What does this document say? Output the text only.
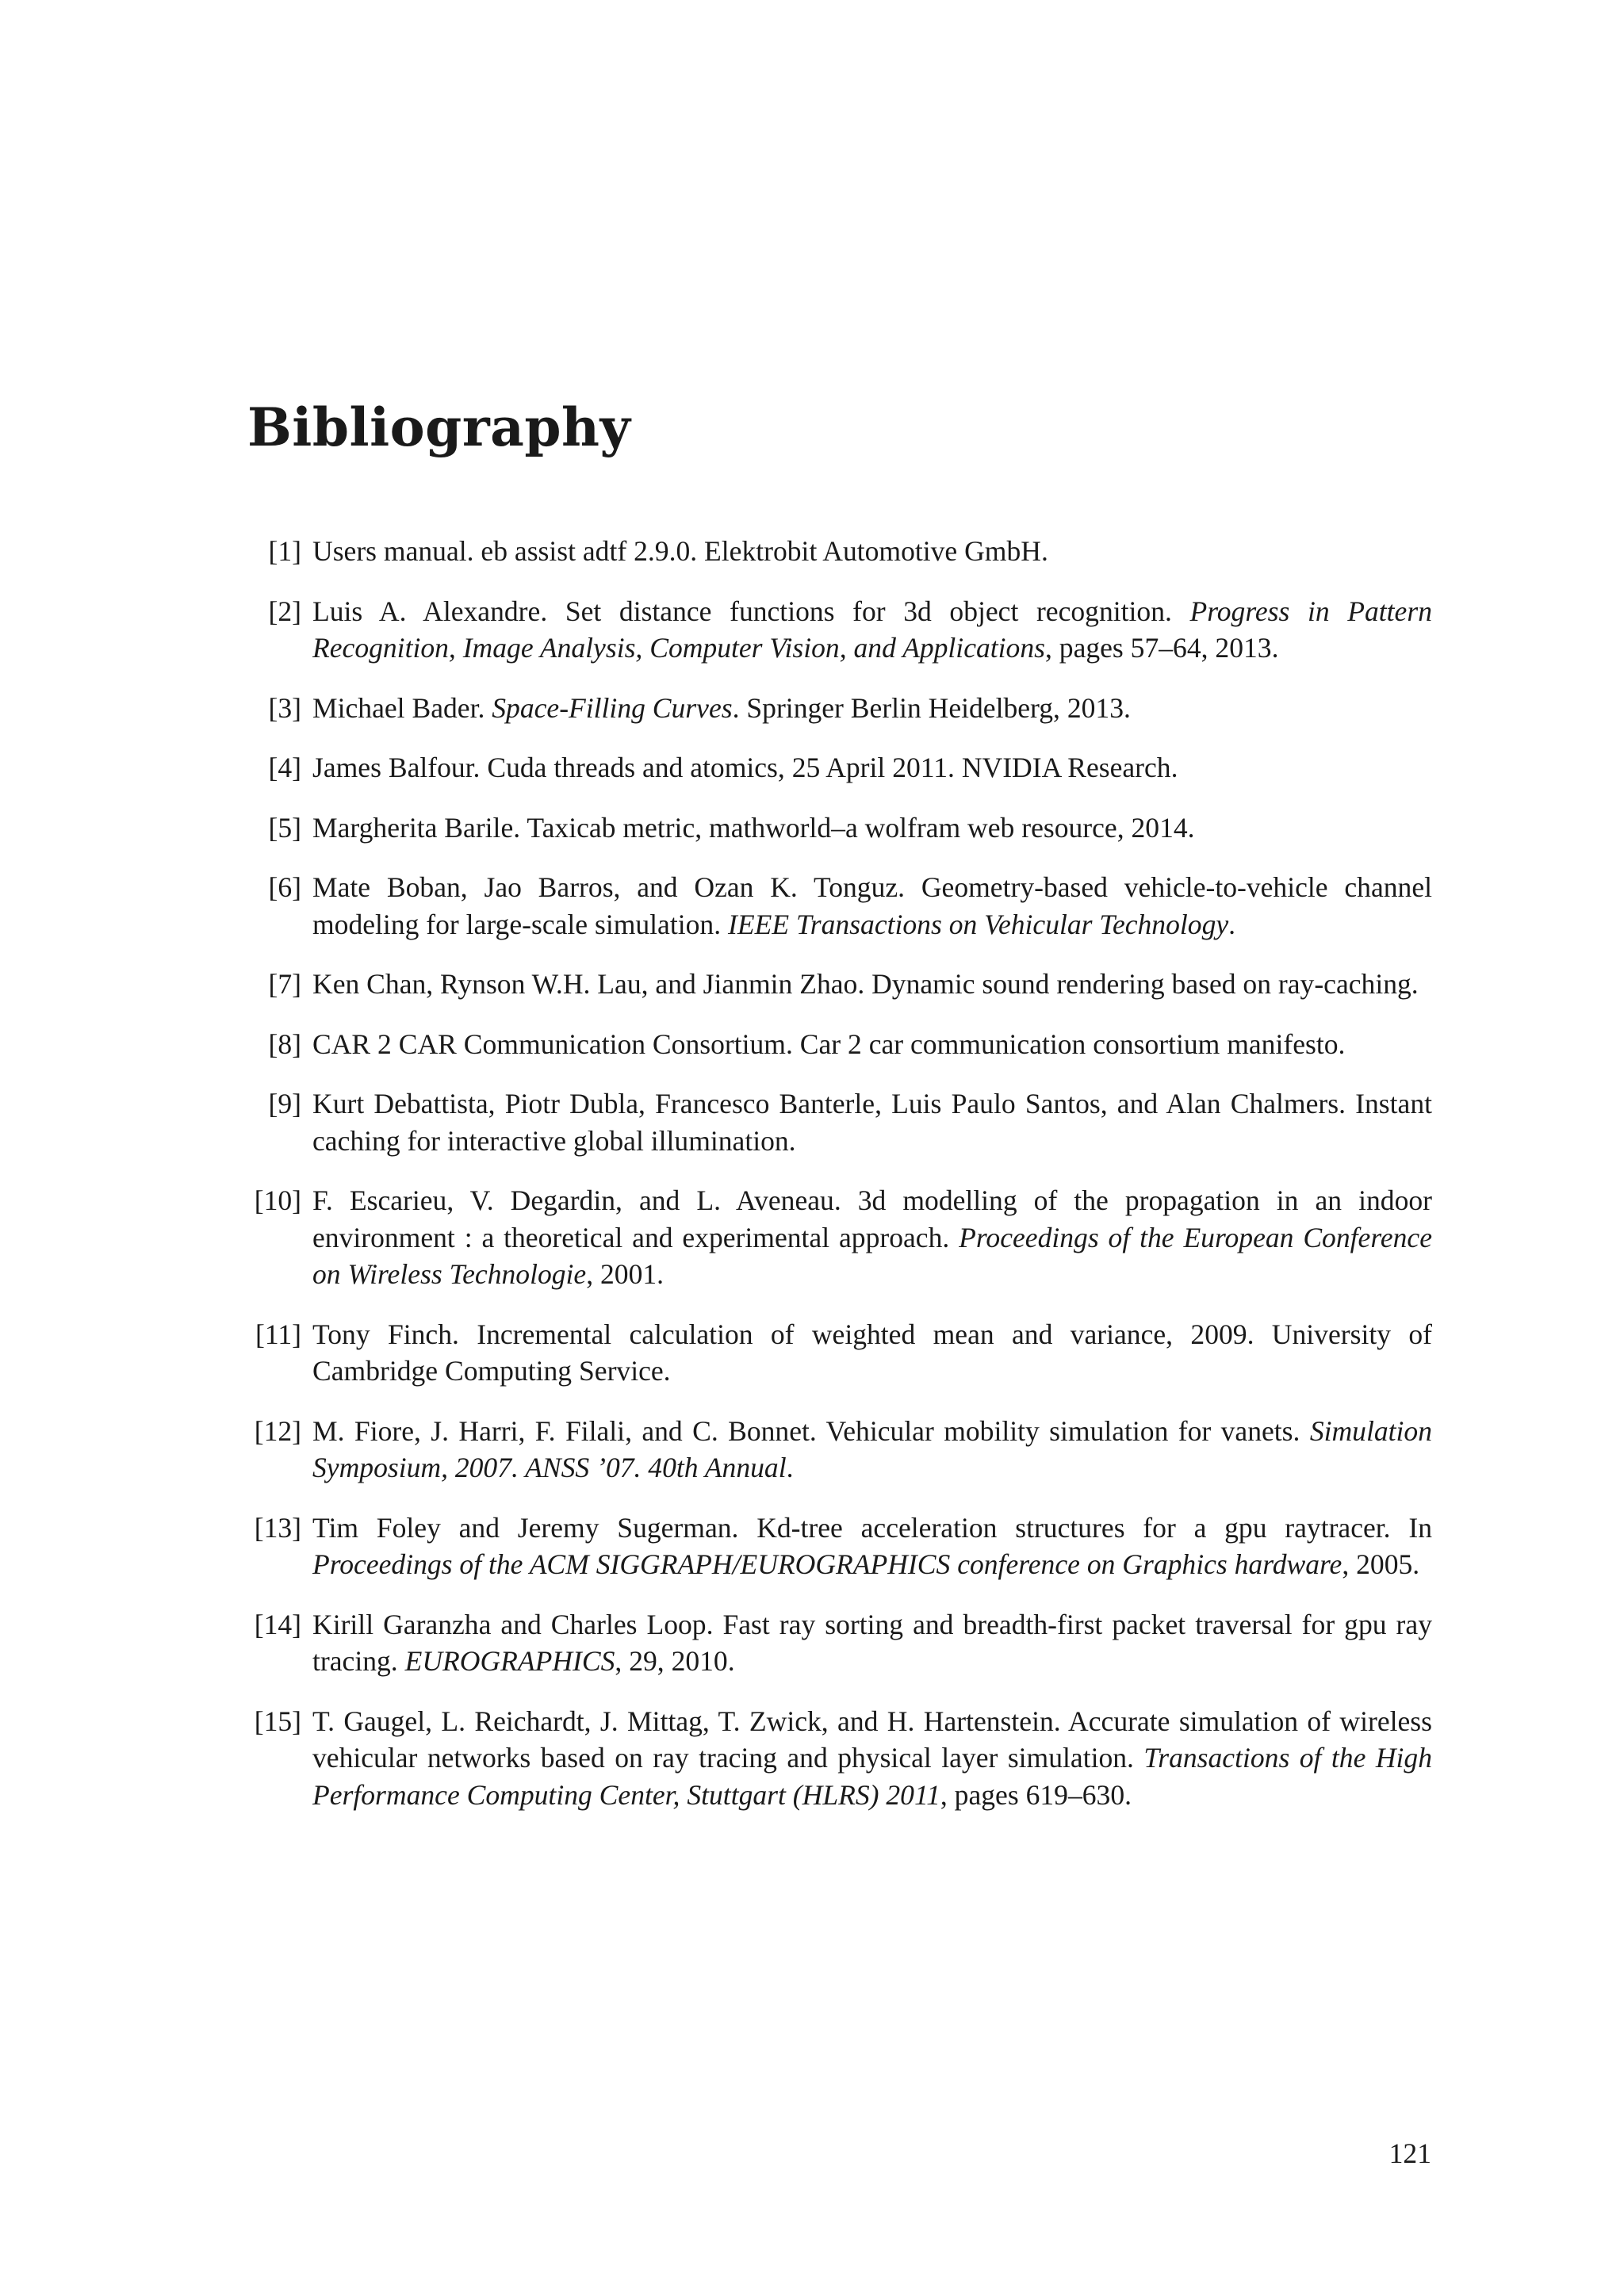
Bibliography
[1] Users manual. eb assist adtf 2.9.0. Elektrobit Automotive GmbH.
[2] Luis A. Alexandre. Set distance functions for 3d object recognition. Progress in Pattern Recognition, Image Analysis, Computer Vision, and Applications, pages 57–64, 2013.
[3] Michael Bader. Space-Filling Curves. Springer Berlin Heidelberg, 2013.
[4] James Balfour. Cuda threads and atomics, 25 April 2011. NVIDIA Research.
[5] Margherita Barile. Taxicab metric, mathworld–a wolfram web resource, 2014.
[6] Mate Boban, Jao Barros, and Ozan K. Tonguz. Geometry-based vehicle-to-vehicle channel modeling for large-scale simulation. IEEE Transactions on Vehicular Technology.
[7] Ken Chan, Rynson W.H. Lau, and Jianmin Zhao. Dynamic sound rendering based on ray-caching.
[8] CAR 2 CAR Communication Consortium. Car 2 car communication consortium manifesto.
[9] Kurt Debattista, Piotr Dubla, Francesco Banterle, Luis Paulo Santos, and Alan Chalmers. Instant caching for interactive global illumination.
[10] F. Escarieu, V. Degardin, and L. Aveneau. 3d modelling of the propagation in an indoor environment : a theoretical and experimental approach. Proceedings of the European Conference on Wireless Technologie, 2001.
[11] Tony Finch. Incremental calculation of weighted mean and variance, 2009. University of Cambridge Computing Service.
[12] M. Fiore, J. Harri, F. Filali, and C. Bonnet. Vehicular mobility simulation for vanets. Simulation Symposium, 2007. ANSS ’07. 40th Annual.
[13] Tim Foley and Jeremy Sugerman. Kd-tree acceleration structures for a gpu raytracer. In Proceedings of the ACM SIGGRAPH/EUROGRAPHICS conference on Graphics hardware, 2005.
[14] Kirill Garanzha and Charles Loop. Fast ray sorting and breadth-first packet traversal for gpu ray tracing. EUROGRAPHICS, 29, 2010.
[15] T. Gaugel, L. Reichardt, J. Mittag, T. Zwick, and H. Hartenstein. Accurate simulation of wireless vehicular networks based on ray tracing and physical layer simulation. Transactions of the High Performance Computing Center, Stuttgart (HLRS) 2011, pages 619–630.
121
